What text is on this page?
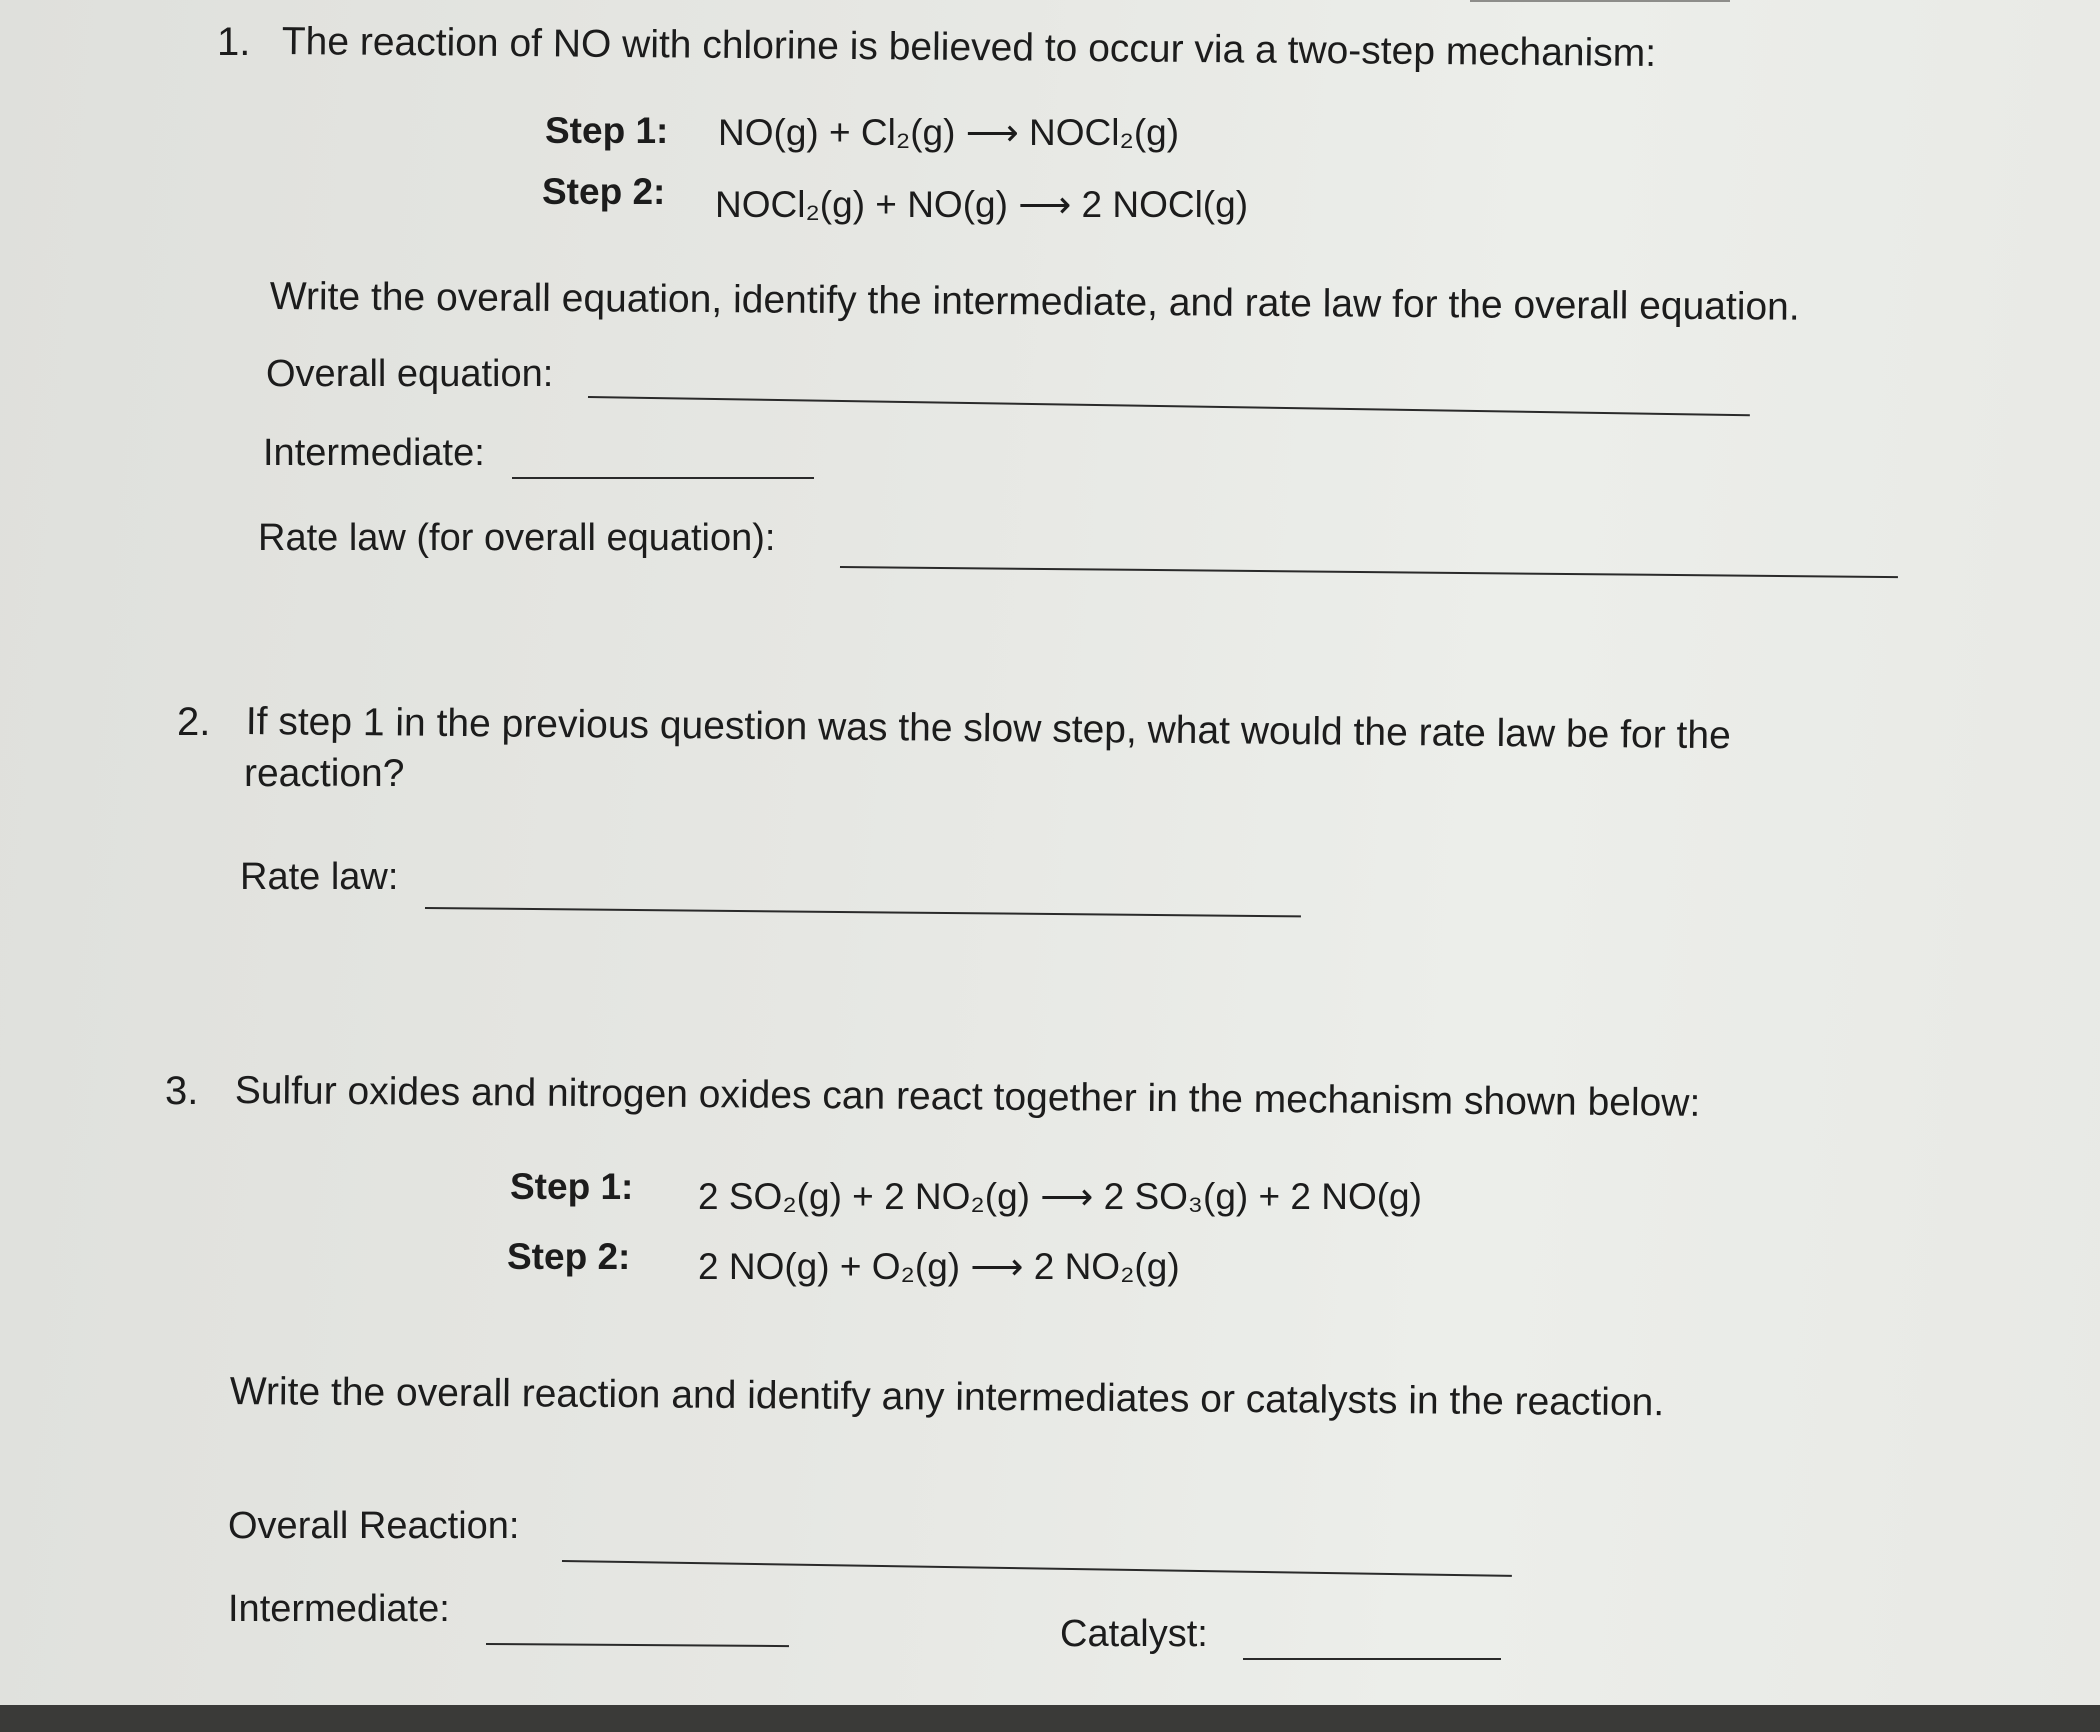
1. The reaction of NO with chlorine is believed to occur via a two-step mechanism:
Step 1: NO(g) + Cl₂(g) ⟶ NOCl₂(g)
Step 2: NOCl₂(g) + NO(g) ⟶ 2 NOCl(g)
Write the overall equation, identify the intermediate, and rate law for the overall equation.
Overall equation:
Intermediate:
Rate law (for overall equation):
2. If step 1 in the previous question was the slow step, what would the rate law be for the
reaction?
Rate law:
3. Sulfur oxides and nitrogen oxides can react together in the mechanism shown below:
Step 1: 2 SO₂(g) + 2 NO₂(g) ⟶ 2 SO₃(g) + 2 NO(g)
Step 2: 2 NO(g) + O₂(g) ⟶ 2 NO₂(g)
Write the overall reaction and identify any intermediates or catalysts in the reaction.
Overall Reaction:
Intermediate:
Catalyst:
